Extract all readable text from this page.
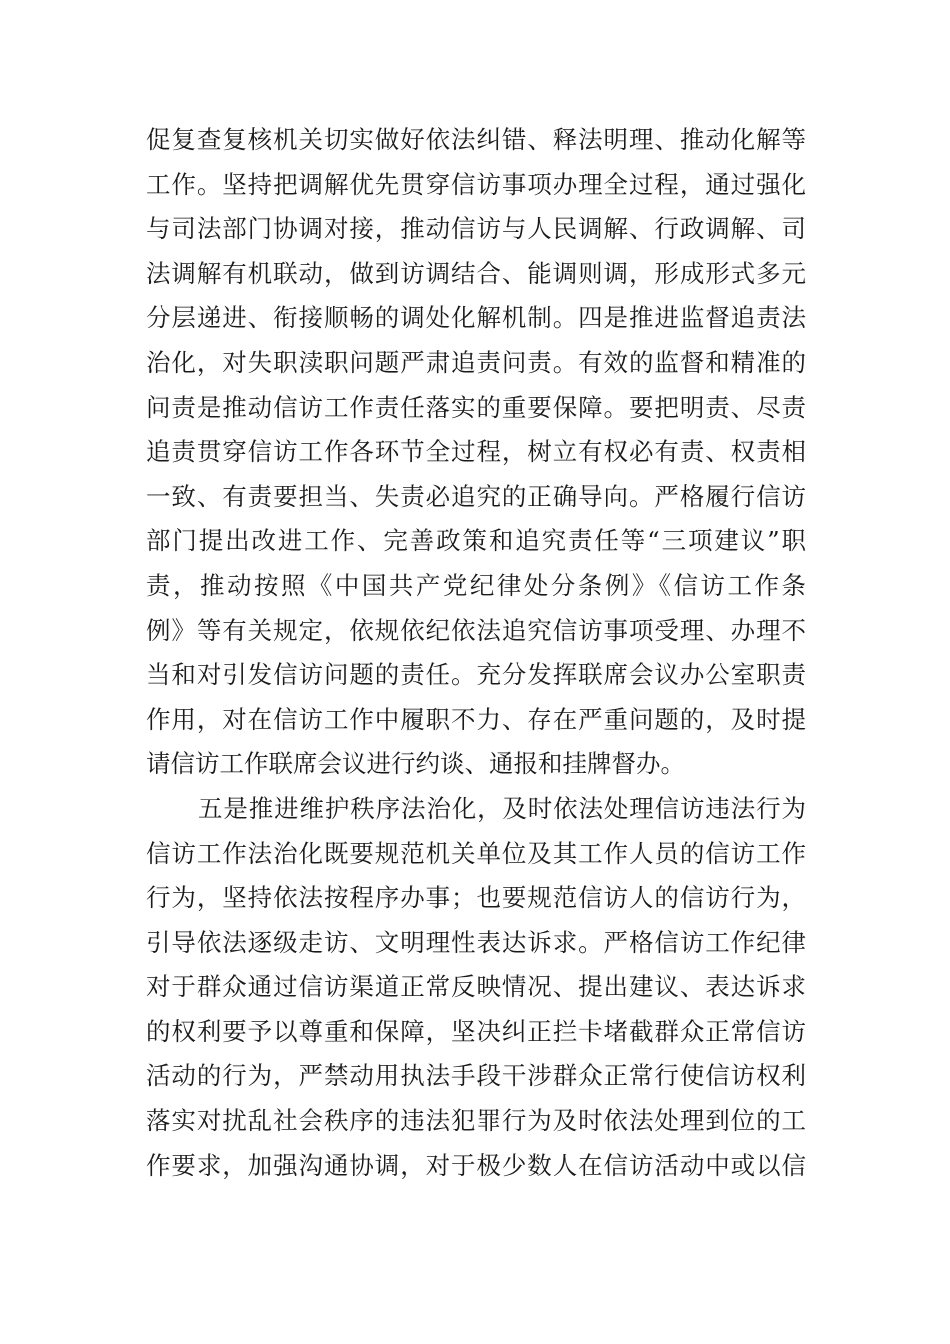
促复查复核机关切实做好依法纠错、释法明理、推动化解等
工作。坚持把调解优先贯穿信访事项办理全过程，通过强化
与司法部门协调对接，推动信访与人民调解、行政调解、司
法调解有机联动，做到访调结合、能调则调，形成形式多元
分层递进、衔接顺畅的调处化解机制。四是推进监督追责法
治化，对失职渎职问题严肃追责问责。有效的监督和精准的
问责是推动信访工作责任落实的重要保障。要把明责、尽责
追责贯穿信访工作各环节全过程，树立有权必有责、权责相
一致、有责要担当、失责必追究的正确导向。严格履行信访
部门提出改进工作、完善政策和追究责任等“三项建议”职
责，推动按照《中国共产党纪律处分条例》《信访工作条
例》等有关规定，依规依纪依法追究信访事项受理、办理不
当和对引发信访问题的责任。充分发挥联席会议办公室职责
作用，对在信访工作中履职不力、存在严重问题的，及时提
请信访工作联席会议进行约谈、通报和挂牌督办。
五是推进维护秩序法治化，及时依法处理信访违法行为
信访工作法治化既要规范机关单位及其工作人员的信访工作
行为，坚持依法按程序办事；也要规范信访人的信访行为，
引导依法逐级走访、文明理性表达诉求。严格信访工作纪律
对于群众通过信访渠道正常反映情况、提出建议、表达诉求
的权利要予以尊重和保障，坚决纠正拦卡堵截群众正常信访
活动的行为，严禁动用执法手段干涉群众正常行使信访权利
落实对扰乱社会秩序的违法犯罪行为及时依法处理到位的工
作要求，加强沟通协调，对于极少数人在信访活动中或以信
